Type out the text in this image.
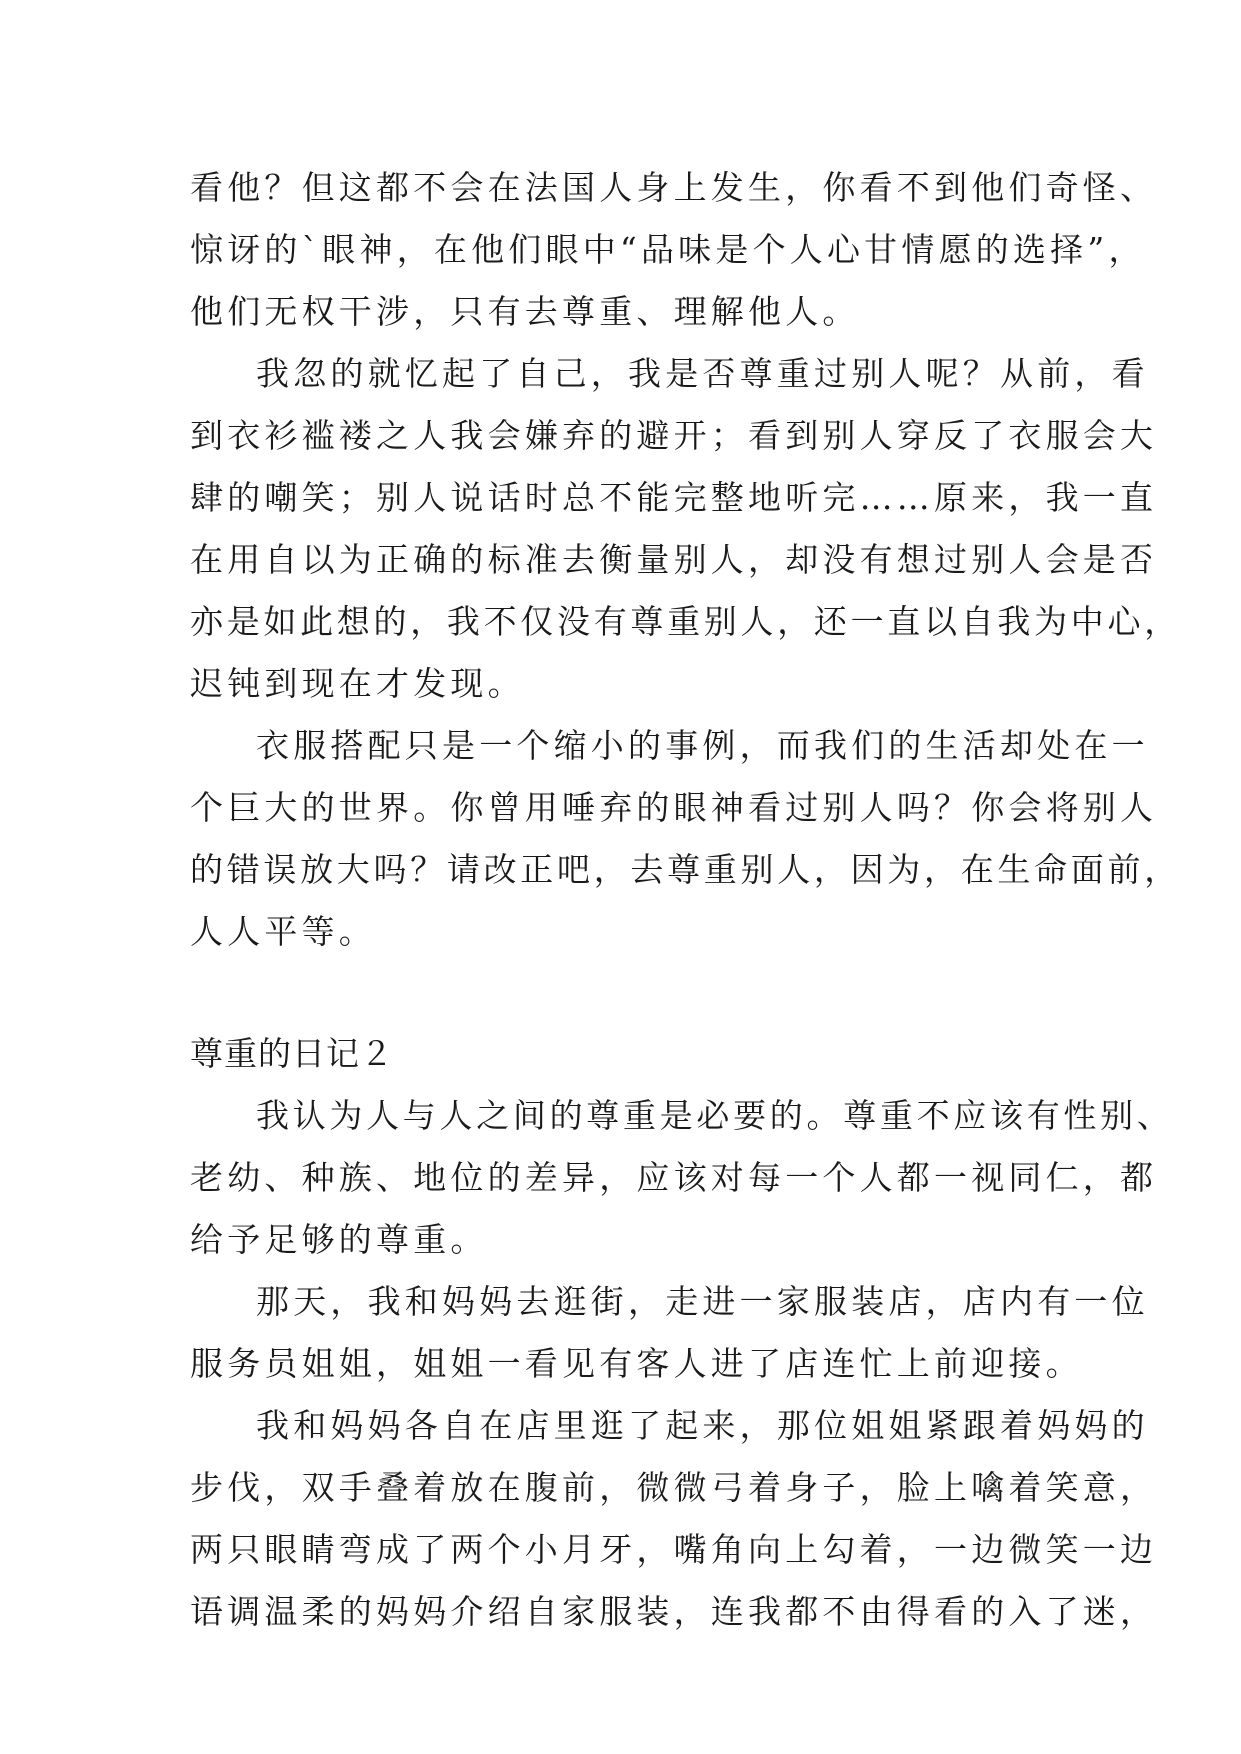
看他？但这都不会在法国人身上发生，你看不到他们奇怪、
惊讶的`眼神，在他们眼中“品味是个人心甘情愿的选择”，
他们无权干涉，只有去尊重、理解他人。
我忽的就忆起了自己，我是否尊重过别人呢？从前，看
到衣衫褴褛之人我会嫌弃的避开；看到别人穿反了衣服会大
肆的嘲笑；别人说话时总不能完整地听完……原来，我一直
在用自以为正确的标准去衡量别人，却没有想过别人会是否
亦是如此想的，我不仅没有尊重别人，还一直以自我为中心，
迟钝到现在才发现。
衣服搭配只是一个缩小的事例，而我们的生活却处在一
个巨大的世界。你曾用唾弃的眼神看过别人吗？你会将别人
的错误放大吗？请改正吧，去尊重别人，因为，在生命面前，
人人平等。
尊重的日记２
我认为人与人之间的尊重是必要的。尊重不应该有性别、
老幼、种族、地位的差异，应该对每一个人都一视同仁，都
给予足够的尊重。
那天，我和妈妈去逛街，走进一家服装店，店内有一位
服务员姐姐，姐姐一看见有客人进了店连忙上前迎接。
我和妈妈各自在店里逛了起来，那位姐姐紧跟着妈妈的
步伐，双手叠着放在腹前，微微弓着身子，脸上噙着笑意，
两只眼睛弯成了两个小月牙，嘴角向上勾着，一边微笑一边
语调温柔的妈妈介绍自家服装，连我都不由得看的入了迷，
